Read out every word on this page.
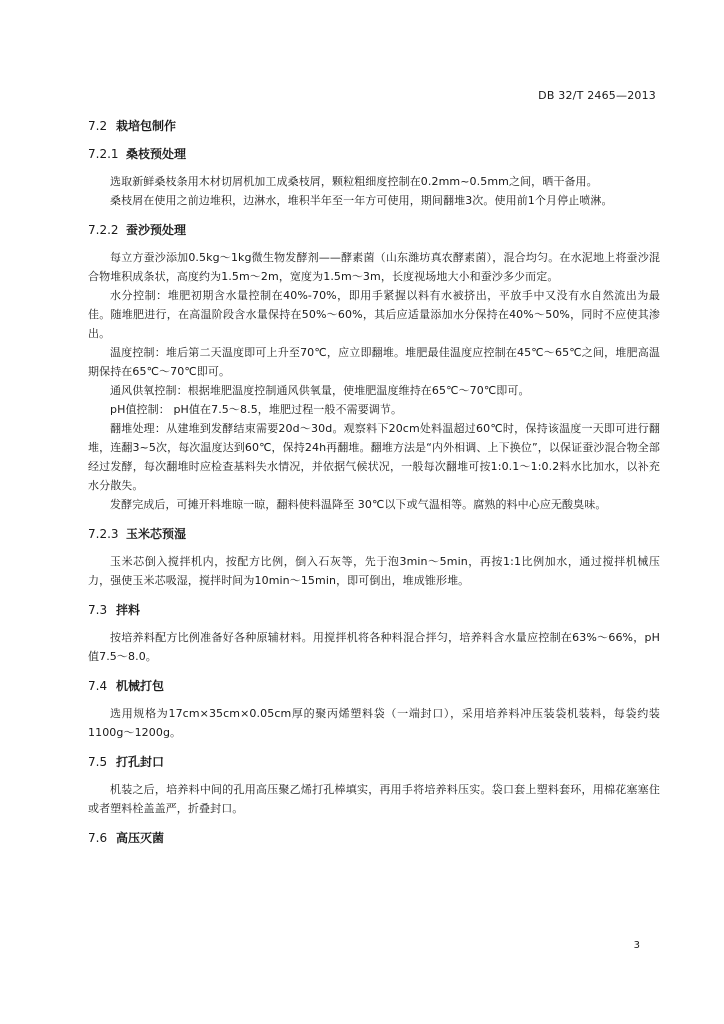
DB 32/T 2465—2013
7.2 栽培包制作
7.2.1 桑枝预处理

选取新鲜桑枝条用木材切屑机加工成桑枝屑，颗粒粗细度控制在0.2mm~0.5mm之间，晒干备用。

桑枝屑在使用之前边堆积，边淋水，堆积半年至一年方可使用，期间翻堆3次。使用前1个月停止喷淋。

7.2.2 蚕沙预处理

每立方蚕沙添加0.5kg～1kg微生物发酵剂——酵素菌（山东潍坊真农酵素菌），混合均匀。在水泥地上将蚕沙混合物堆积成条状，高度约为1.5m～2m，宽度为1.5m～3m，长度视场地大小和蚕沙多少而定。

水分控制：堆肥初期含水量控制在40%-70%，即用手紧握以料有水被挤出，平放手中又没有水自然流出为最佳。随堆肥进行，在高温阶段含水量保持在50%～60%，其后应适量添加水分保持在40%～50%，同时不应使其渗出。

温度控制：堆后第二天温度即可上升至70℃，应立即翻堆。堆肥最佳温度应控制在45℃～65℃之间，堆肥高温期保持在65℃～70℃即可。

通风供氧控制：根据堆肥温度控制通风供氧量，使堆肥温度维持在65℃～70℃即可。

pH值控制： pH值在7.5～8.5，堆肥过程一般不需要调节。

翻堆处理：从建堆到发酵结束需要20d～30d。观察料下20cm处料温超过60℃时，保持该温度一天即可进行翻堆，连翻3~5次，每次温度达到60℃，保持24h再翻堆。翻堆方法是“内外相调、上下换位”，以保证蚕沙混合物全部经过发酵，每次翻堆时应检查基料失水情况，并依据气候状况，一般每次翻堆可按1:0.1～1:0.2料水比加水，以补充水分散失。

发酵完成后，可摊开料堆晾一晾，翻料使料温降至 30℃以下或气温相等。腐熟的料中心应无酸臭味。

7.2.3 玉米芯预湿

玉米芯倒入搅拌机内，按配方比例，倒入石灰等，先于泡3min～5min，再按1:1比例加水，通过搅拌机械压力，强使玉米芯吸湿，搅拌时间为10min～15min，即可倒出，堆成锥形堆。

7.3 拌料

按培养料配方比例准备好各种原辅材料。用搅拌机将各种料混合拌匀，培养料含水量应控制在63%～66%，pH值7.5～8.0。

7.4 机械打包

选用规格为17cm×35cm×0.05cm厚的聚丙烯塑料袋（一端封口），采用培养料冲压装袋机装料，每袋约装1100g～1200g。

7.5 打孔封口

机装之后，培养料中间的孔用高压聚乙烯打孔棒填实，再用手将培养料压实。袋口套上塑料套环，用棉花塞塞住或者塑料栓盖盖严，折叠封口。

7.6 高压灭菌
3
